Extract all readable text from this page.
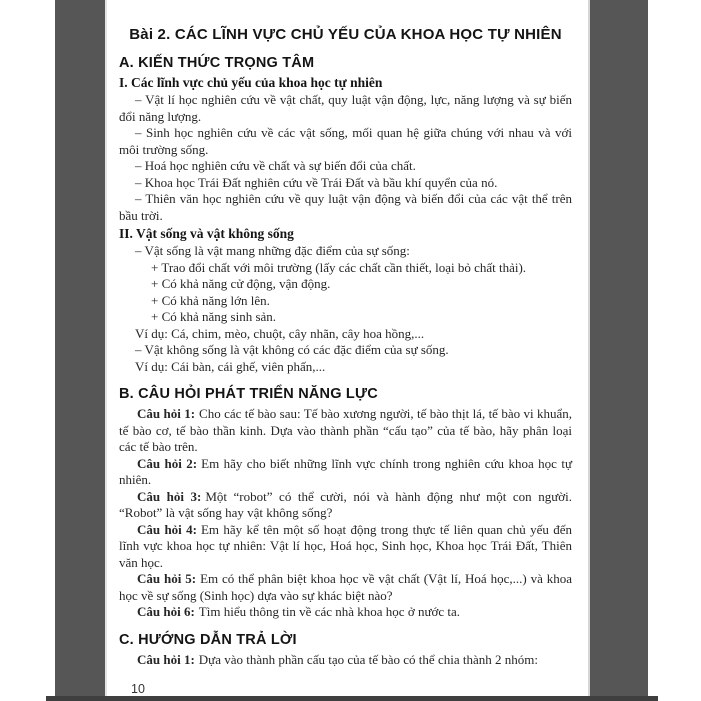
Bài 2. CÁC LĨNH VỰC CHỦ YẾU CỦA KHOA HỌC TỰ NHIÊN
A. KIẾN THỨC TRỌNG TÂM
I. Các lĩnh vực chủ yếu của khoa học tự nhiên

– Vật lí học nghiên cứu về vật chất, quy luật vận động, lực, năng lượng và sự biến đổi năng lượng.

– Sinh học nghiên cứu về các vật sống, mối quan hệ giữa chúng với nhau và với môi trường sống.

– Hoá học nghiên cứu về chất và sự biến đổi của chất.

– Khoa học Trái Đất nghiên cứu về Trái Đất và bầu khí quyển của nó.

– Thiên văn học nghiên cứu về quy luật vận động và biến đổi của các vật thể trên bầu trời.

II. Vật sống và vật không sống

– Vật sống là vật mang những đặc điểm của sự sống:

+ Trao đổi chất với môi trường (lấy các chất cần thiết, loại bỏ chất thải).

+ Có khả năng cử động, vận động.

+ Có khả năng lớn lên.

+ Có khả năng sinh sản.

Ví dụ: Cá, chim, mèo, chuột, cây nhãn, cây hoa hồng,...

– Vật không sống là vật không có các đặc điểm của sự sống.

Ví dụ: Cái bàn, cái ghế, viên phấn,...

B. CÂU HỎI PHÁT TRIỂN NĂNG LỰC

Câu hỏi 1: Cho các tế bào sau: Tế bào xương người, tế bào thịt lá, tế bào vi khuẩn, tế bào cơ, tế bào thần kinh. Dựa vào thành phần “cấu tạo” của tế bào, hãy phân loại các tế bào trên.

Câu hỏi 2: Em hãy cho biết những lĩnh vực chính trong nghiên cứu khoa học tự nhiên.

Câu hỏi 3: Một “robot” có thể cười, nói và hành động như một con người. “Robot” là vật sống hay vật không sống?

Câu hỏi 4: Em hãy kể tên một số hoạt động trong thực tế liên quan chủ yếu đến lĩnh vực khoa học tự nhiên: Vật lí học, Hoá học, Sinh học, Khoa học Trái Đất, Thiên văn học.

Câu hỏi 5: Em có thể phân biệt khoa học về vật chất (Vật lí, Hoá học,...) và khoa học về sự sống (Sinh học) dựa vào sự khác biệt nào?

Câu hỏi 6: Tìm hiểu thông tin về các nhà khoa học ở nước ta.

C. HƯỚNG DẪN TRẢ LỜI

Câu hỏi 1: Dựa vào thành phần cấu tạo của tế bào có thể chia thành 2 nhóm:

10
